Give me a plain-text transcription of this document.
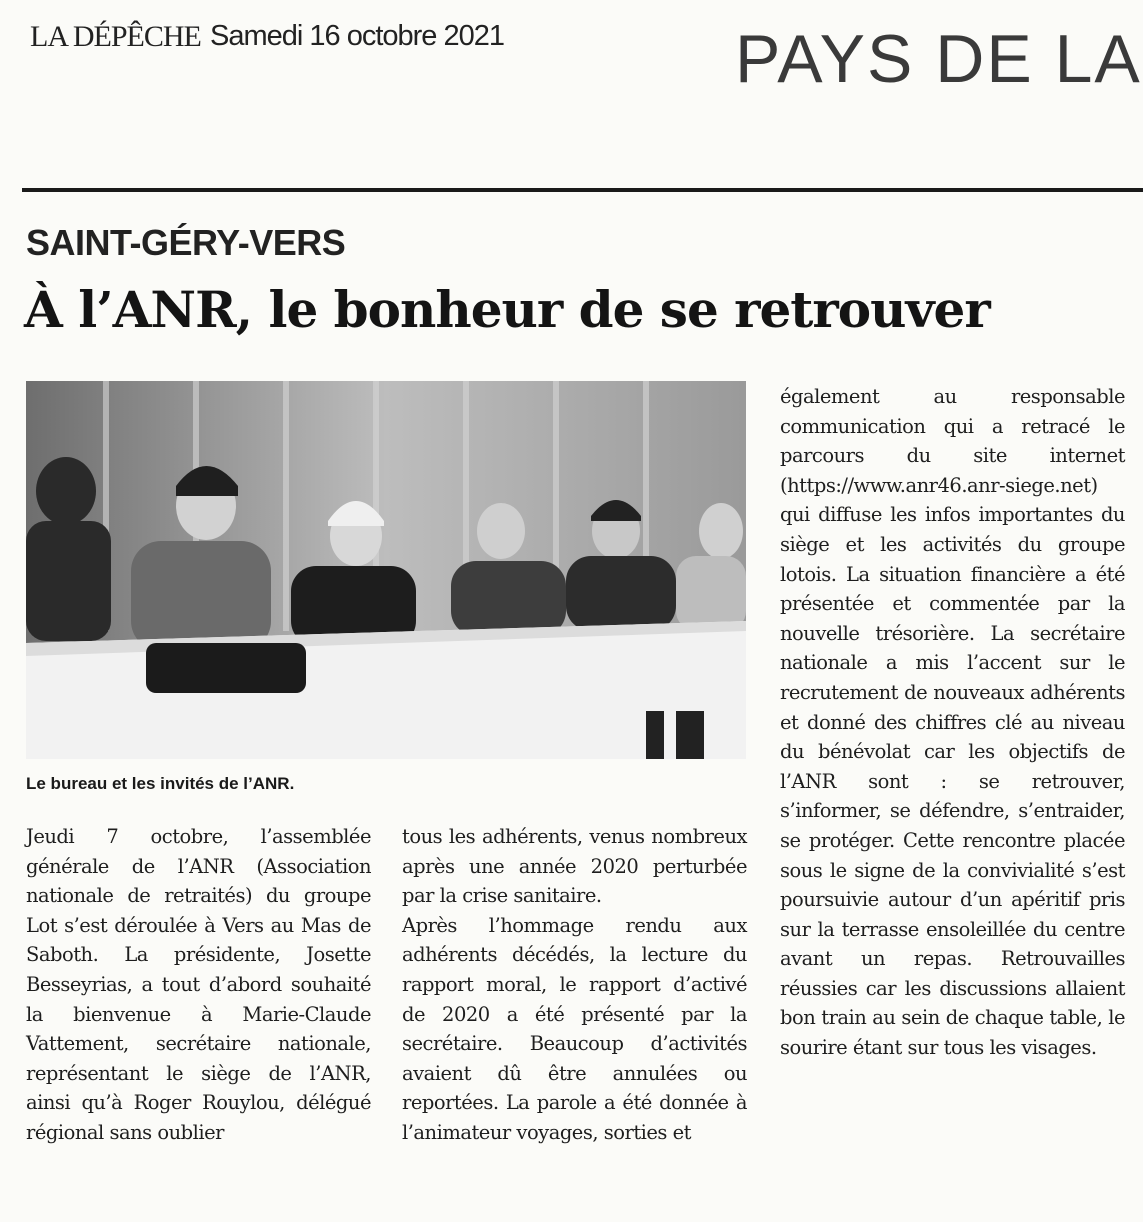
LA DÉPÊCHE Samedi 16 octobre 2021	PAYS DE LA
SAINT-GÉRY-VERS
À l’ANR, le bonheur de se retrouver
Le bureau et les invités de l’ANR.

Jeudi 7 octobre, l’assemblée générale de l’ANR (Association nationale de retraités) du groupe Lot s’est déroulée à Vers au Mas de Saboth. La présidente, Josette Besseyrias, a tout d’abord souhaité la bienvenue à Marie-Claude Vattement, secrétaire nationale, représentant le siège de l’ANR, ainsi qu’à Roger Rouylou, délégué régional sans oublier

tous les adhérents, venus nombreux après une année 2020 perturbée par la crise sanitaire.

Après l’hommage rendu aux adhérents décédés, la lecture du rapport moral, le rapport d’activé de 2020 a été présenté par la secrétaire. Beaucoup d’activités avaient dû être annulées ou reportées. La parole a été donnée à l’animateur voyages, sorties et

également au responsable communication qui a retracé le parcours du site internet (https://www.anr46.anr-siege.net) qui diffuse les infos importantes du siège et les activités du groupe lotois. La situation financière a été présentée et commentée par la nouvelle trésorière. La secrétaire nationale a mis l’accent sur le recrutement de nouveaux adhérents et donné des chiffres clé au niveau du bénévolat car les objectifs de l’ANR sont : se retrouver, s’informer, se défendre, s’entraider, se protéger. Cette rencontre placée sous le signe de la convivialité s’est poursuivie autour d’un apéritif pris sur la terrasse ensoleillée du centre avant un repas. Retrouvailles réussies car les discussions allaient bon train au sein de chaque table, le sourire étant sur tous les visages.
